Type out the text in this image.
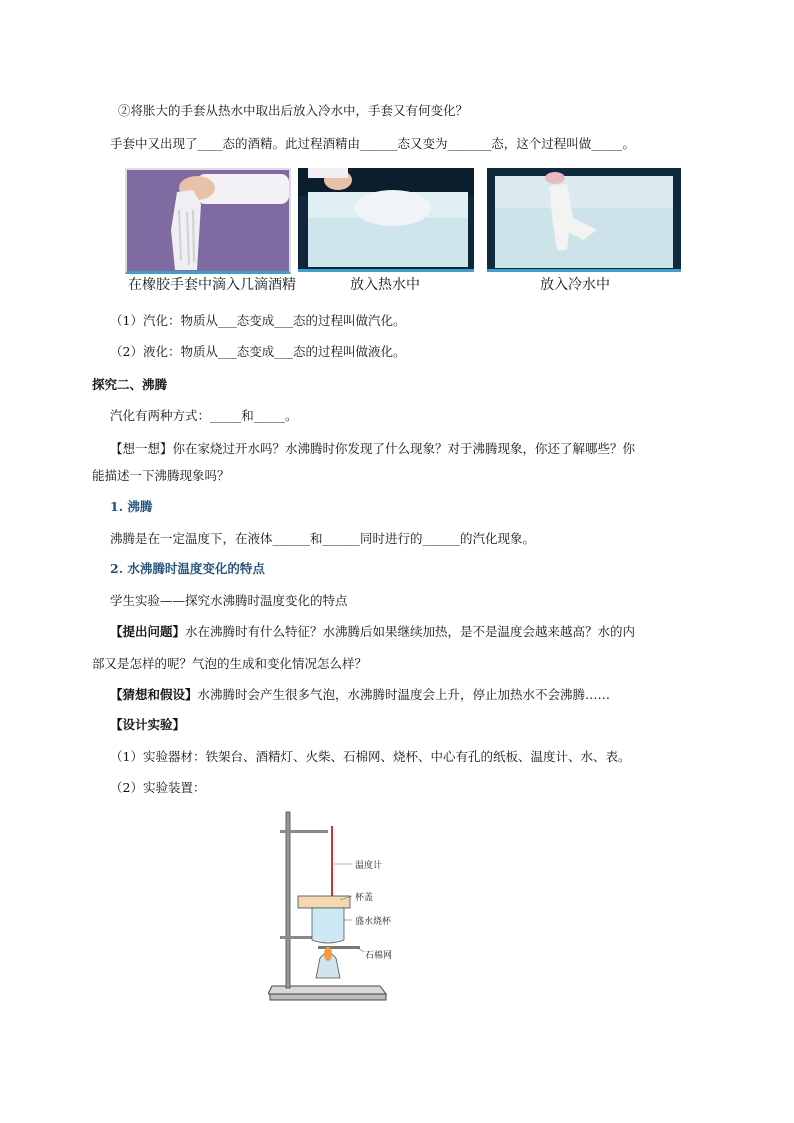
②将胀大的手套从热水中取出后放入冷水中，手套又有何变化？
手套中又出现了____态的酒精。此过程酒精由______态又变为_______态，这个过程叫做_____。
在橡胶手套中滴入几滴酒精	放入热水中	放入冷水中
（1）汽化：物质从___态变成___态的过程叫做汽化。
（2）液化：物质从___态变成___态的过程叫做液化。
探究二、沸腾
汽化有两种方式：_____和_____。
【想一想】你在家烧过开水吗？水沸腾时你发现了什么现象？对于沸腾现象，你还了解哪些？你
能描述一下沸腾现象吗？
1. 沸腾
沸腾是在一定温度下，在液体______和______同时进行的______的汽化现象。
2. 水沸腾时温度变化的特点
学生实验——探究水沸腾时温度变化的特点
【提出问题】水在沸腾时有什么特征？水沸腾后如果继续加热，是不是温度会越来越高？水的内
部又是怎样的呢？气泡的生成和变化情况怎么样？
【猜想和假设】水沸腾时会产生很多气泡，水沸腾时温度会上升，停止加热水不会沸腾……
【设计实验】
（1）实验器材：铁架台、酒精灯、火柴、石棉网、烧杯、中心有孔的纸板、温度计、水、表。
（2）实验装置：
温度计
杯盖
盛水烧杯
石棉网
